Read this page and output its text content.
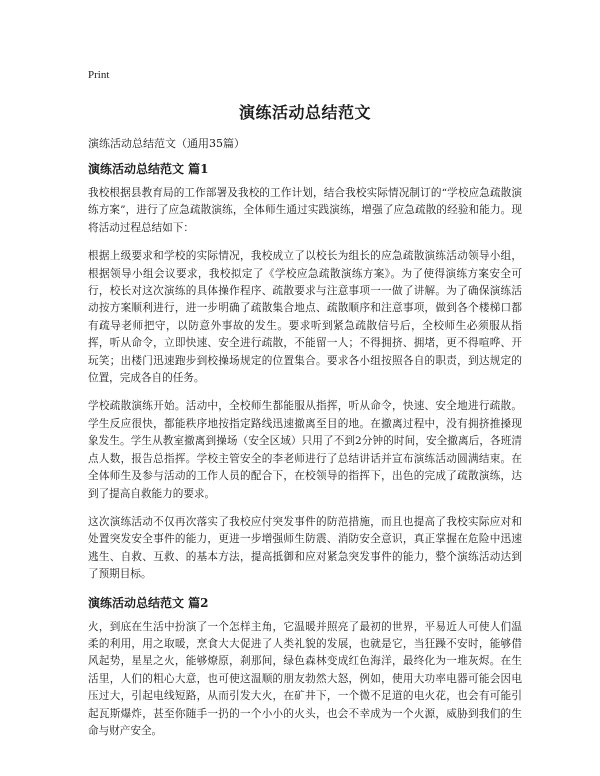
Print
演练活动总结范文
演练活动总结范文（通用35篇）
演练活动总结范文 篇1

我校根据县教育局的工作部署及我校的工作计划，结合我校实际情况制订的“学校应急疏散演练方案”，进行了应急疏散演练，全体师生通过实践演练，增强了应急疏散的经验和能力。现将活动过程总结如下：

根据上级要求和学校的实际情况，我校成立了以校长为组长的应急疏散演练活动领导小组，根据领导小组会议要求，我校拟定了《学校应急疏散演练方案》。为了使得演练方案安全可行，校长对这次演练的具体操作程序、疏散要求与注意事项一一做了讲解。为了确保演练活动按方案顺利进行，进一步明确了疏散集合地点、疏散顺序和注意事项，做到各个楼梯口都有疏导老师把守，以防意外事故的发生。要求听到紧急疏散信号后，全校师生必须服从指挥，听从命令，立即快速、安全进行疏散，不能留一人；不得拥挤、拥堵，更不得喧哗、开玩笑；出楼门迅速跑步到校操场规定的位置集合。要求各小组按照各自的职责，到达规定的位置，完成各自的任务。

学校疏散演练开始。活动中，全校师生都能服从指挥，听从命令，快速、安全地进行疏散。学生反应很快，都能秩序地按指定路线迅速撤离至目的地。在撤离过程中，没有拥挤推搡现象发生。学生从教室撤离到操场（安全区域）只用了不到2分钟的时间，安全撤离后，各班清点人数，报告总指挥。学校主管安全的李老师进行了总结讲话并宣布演练活动圆满结束。在全体师生及参与活动的工作人员的配合下，在校领导的指挥下，出色的完成了疏散演练，达到了提高自救能力的要求。

这次演练活动不仅再次落实了我校应付突发事件的防范措施，而且也提高了我校实际应对和处置突发安全事件的能力，更进一步增强师生防震、消防安全意识，真正掌握在危险中迅速逃生、自救、互救、的基本方法，提高抵御和应对紧急突发事件的能力，整个演练活动达到了预期目标。

演练活动总结范文 篇2

火，到底在生活中扮演了一个怎样主角，它温暖并照亮了最初的世界，平易近人可使人们温柔的利用，用之取暖，烹食大大促进了人类礼貌的发展，也就是它，当狂躁不安时，能够借风起势，星星之火，能够燎原，刹那间，绿色森林变成红色海洋，最终化为一堆灰烬。在生活里，人们的粗心大意，也可使这温顺的朋友勃然大怒，例如，使用大功率电器可能会因电压过大，引起电线短路，从而引发大火，在矿井下，一个微不足道的电火花，也会有可能引起瓦斯爆炸，甚至你随手一扔的一个小小的火头，也会不幸成为一个火源，威胁到我们的生命与财产安全。
